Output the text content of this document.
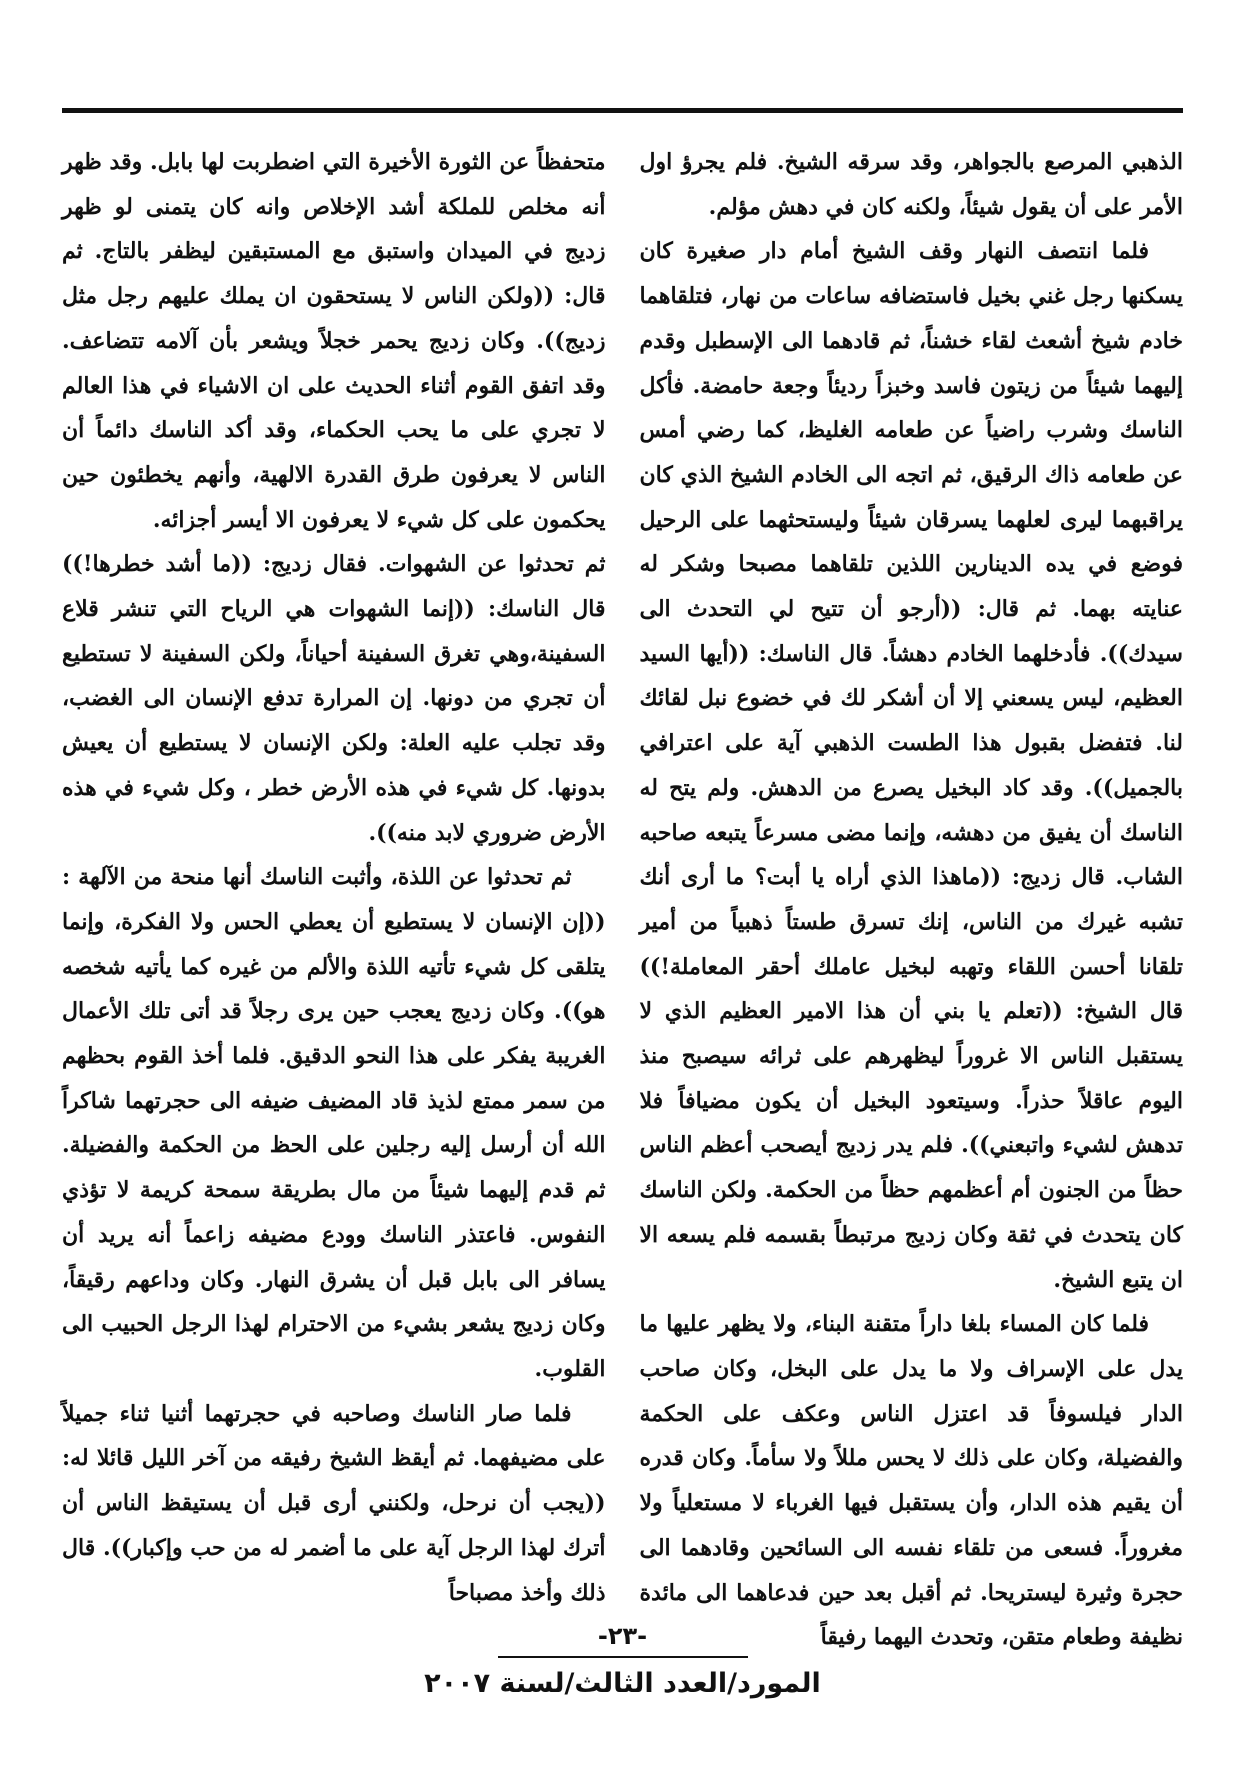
الذهبي المرصع بالجواهر، وقد سرقه الشيخ. فلم يجرؤ اول الأمر على أن يقول شيئاً، ولكنه كان في دهش مؤلم.

فلما انتصف النهار وقف الشيخ أمام دار صغيرة كان يسكنها رجل غني بخيل فاستضافه ساعات من نهار، فتلقاهما خادم شيخ أشعث لقاء خشناً، ثم قادهما الى الإسطبل وقدم إليهما شيئاً من زيتون فاسد وخبزاً رديئاً وجعة حامضة. فأكل الناسك وشرب راضياً عن طعامه الغليظ، كما رضي أمس عن طعامه ذاك الرقيق، ثم اتجه الى الخادم الشيخ الذي كان يراقبهما ليرى لعلهما يسرقان شيئاً وليستحثهما على الرحيل فوضع في يده الدينارين اللذين تلقاهما مصبحا وشكر له عنايته بهما. ثم قال: ((أرجو أن تتيح لي التحدث الى سيدك)). فأدخلهما الخادم دهشاً. قال الناسك: ((أيها السيد العظيم، ليس يسعني إلا أن أشكر لك في خضوع نبل لقائك لنا. فتفضل بقبول هذا الطست الذهبي آية على اعترافي بالجميل)). وقد كاد البخيل يصرع من الدهش. ولم يتح له الناسك أن يفيق من دهشه، وإنما مضى مسرعاً يتبعه صاحبه الشاب. قال زديج: ((ماهذا الذي أراه يا أبت؟ ما أرى أنك تشبه غيرك من الناس، إنك تسرق طستاً ذهبياً من أمير تلقانا أحسن اللقاء وتهبه لبخيل عاملك أحقر المعاملة!)) قال الشيخ: ((تعلم يا بني أن هذا الامير العظيم الذي لا يستقبل الناس الا غروراً ليظهرهم على ثرائه سيصبح منذ اليوم عاقلاً حذراً. وسيتعود البخيل أن يكون مضيافاً فلا تدهش لشيء واتبعني)). فلم يدر زديج أيصحب أعظم الناس حظاً من الجنون أم أعظمهم حظاً من الحكمة. ولكن الناسك كان يتحدث في ثقة وكان زديج مرتبطاً بقسمه فلم يسعه الا ان يتبع الشيخ.

فلما كان المساء بلغا داراً متقنة البناء، ولا يظهر عليها ما يدل على الإسراف ولا ما يدل على البخل، وكان صاحب الدار فيلسوفاً قد اعتزل الناس وعكف على الحكمة والفضيلة، وكان على ذلك لا يحس مللاً ولا سأماً. وكان قدره أن يقيم هذه الدار، وأن يستقبل فيها الغرباء لا مستعلياً ولا مغروراً. فسعى من تلقاء نفسه الى السائحين وقادهما الى حجرة وثيرة ليستريحا. ثم أقبل بعد حين فدعاهما الى مائدة نظيفة وطعام متقن، وتحدث اليهما رفيقاً

متحفظاً عن الثورة الأخيرة التي اضطربت لها بابل. وقد ظهر أنه مخلص للملكة أشد الإخلاص وانه كان يتمنى لو ظهر زديج في الميدان واستبق مع المستبقين ليظفر بالتاج. ثم قال: ((ولكن الناس لا يستحقون ان يملك عليهم رجل مثل زديج)). وكان زديج يحمر خجلاً ويشعر بأن آلامه تتضاعف. وقد اتفق القوم أثناء الحديث على ان الاشياء في هذا العالم لا تجري على ما يحب الحكماء، وقد أكد الناسك دائماً أن الناس لا يعرفون طرق القدرة الالهية، وأنهم يخطئون حين يحكمون على كل شيء لا يعرفون الا أيسر أجزائه.

ثم تحدثوا عن الشهوات. فقال زديج: ((ما أشد خطرها!)) قال الناسك: ((إنما الشهوات هي الرياح التي تنشر قلاع السفينة،وهي تغرق السفينة أحياناً، ولكن السفينة لا تستطيع أن تجري من دونها. إن المرارة تدفع الإنسان الى الغضب، وقد تجلب عليه العلة: ولكن الإنسان لا يستطيع أن يعيش بدونها. كل شيء في هذه الأرض خطر ، وكل شيء في هذه الأرض ضروري لابد منه)).

ثم تحدثوا عن اللذة، وأثبت الناسك أنها منحة من الآلهة :((إن الإنسان لا يستطيع أن يعطي الحس ولا الفكرة، وإنما يتلقى كل شيء تأتيه اللذة والألم من غيره كما يأتيه شخصه هو)). وكان زديج يعجب حين يرى رجلاً قد أتى تلك الأعمال الغريبة يفكر على هذا النحو الدقيق. فلما أخذ القوم بحظهم من سمر ممتع لذيذ قاد المضيف ضيفه الى حجرتهما شاكراً الله أن أرسل إليه رجلين على الحظ من الحكمة والفضيلة. ثم قدم إليهما شيئاً من مال بطريقة سمحة كريمة لا تؤذي النفوس. فاعتذر الناسك وودع مضيفه زاعماً أنه يريد أن يسافر الى بابل قبل أن يشرق النهار. وكان وداعهم رقيقاً، وكان زديج يشعر بشيء من الاحترام لهذا الرجل الحبيب الى القلوب.

فلما صار الناسك وصاحبه في حجرتهما أثنيا ثناء جميلاً على مضيفهما. ثم أيقظ الشيخ رفيقه من آخر الليل قائلا له: ((يجب أن نرحل، ولكنني أرى قبل أن يستيقظ الناس أن أترك لهذا الرجل آية على ما أضمر له من حب وإكبار)). قال ذلك وأخذ مصباحاً

-٢٣-
المورد/العدد الثالث/لسنة ٢٠٠٧
